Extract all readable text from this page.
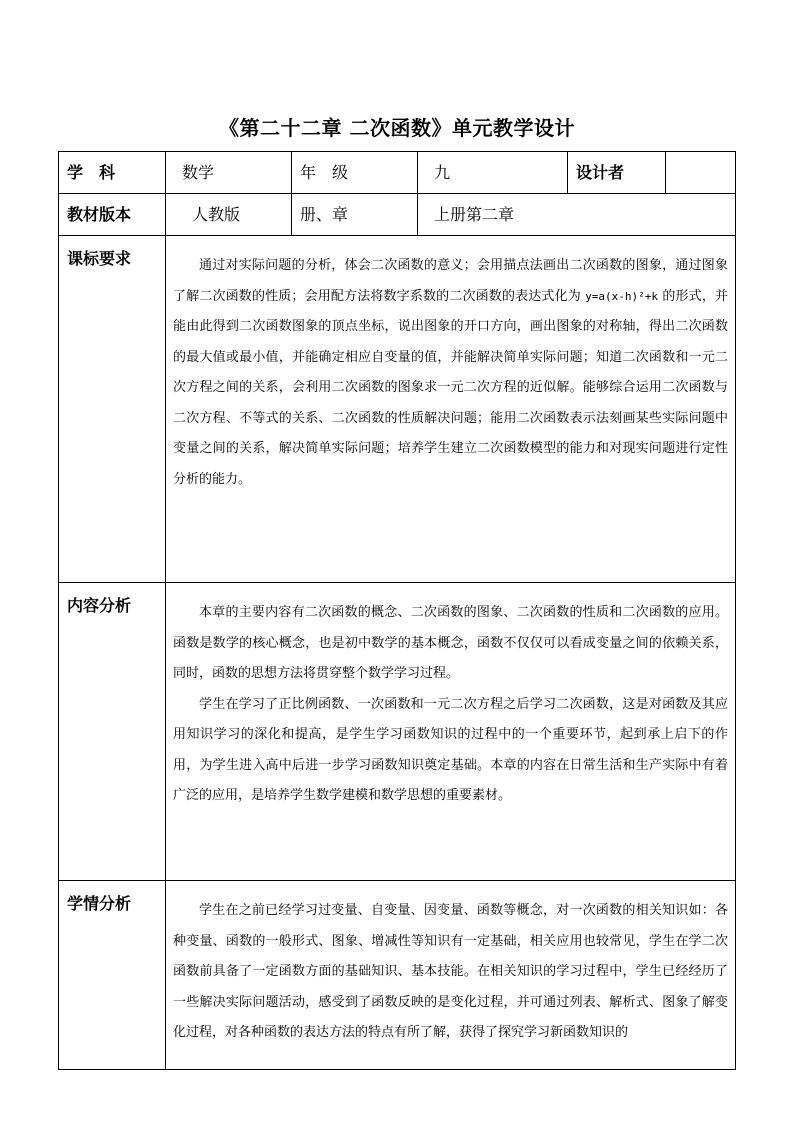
《第二十二章 二次函数》单元教学设计
学　科	数学	年　级	九	设计者	
教材版本	人教版	册、章	上册第二章		
课标要求	通过对实际问题的分析，体会二次函数的意义；会用描点法画出二次函数的图象，通过图象了解二次函数的性质；会用配方法将数字系数的二次函数的表达式化为 y=a(x-h)²+k 的形式，并能由此得到二次函数图象的顶点坐标，说出图象的开口方向，画出图象的对称轴，得出二次函数的最大值或最小值，并能确定相应自变量的值，并能解决简单实际问题；知道二次函数和一元二次方程之间的关系，会利用二次函数的图象求一元二次方程的近似解。能够综合运用二次函数与二次方程、不等式的关系、二次函数的性质解决问题；能用二次函数表示法刻画某些实际问题中变量之间的关系，解决简单实际问题；培养学生建立二次函数模型的能力和对现实问题进行定性分析的能力。				

内容分析	本章的主要内容有二次函数的概念、二次函数的图象、二次函数的性质和二次函数的应用。函数是数学的核心概念，也是初中数学的基本概念，函数不仅仅可以看成变量之间的依赖关系，同时，函数的思想方法将贯穿整个数学学习过程。

学生在学习了正比例函数、一次函数和一元二次方程之后学习二次函数，这是对函数及其应用知识学习的深化和提高，是学生学习函数知识的过程中的一个重要环节，起到承上启下的作用，为学生进入高中后进一步学习函数知识奠定基础。本章的内容在日常生活和生产实际中有着广泛的应用，是培养学生数学建模和数学思想的重要素材。				

学情分析	学生在之前已经学习过变量、自变量、因变量、函数等概念，对一次函数的相关知识如：各种变量、函数的一般形式、图象、增减性等知识有一定基础，相关应用也较常见，学生在学二次函数前具备了一定函数方面的基础知识、基本技能。在相关知识的学习过程中，学生已经经历了一些解决实际问题活动，感受到了函数反映的是变化过程，并可通过列表、解析式、图象了解变化过程，对各种函数的表达方法的特点有所了解，获得了探究学习新函数知识的				
